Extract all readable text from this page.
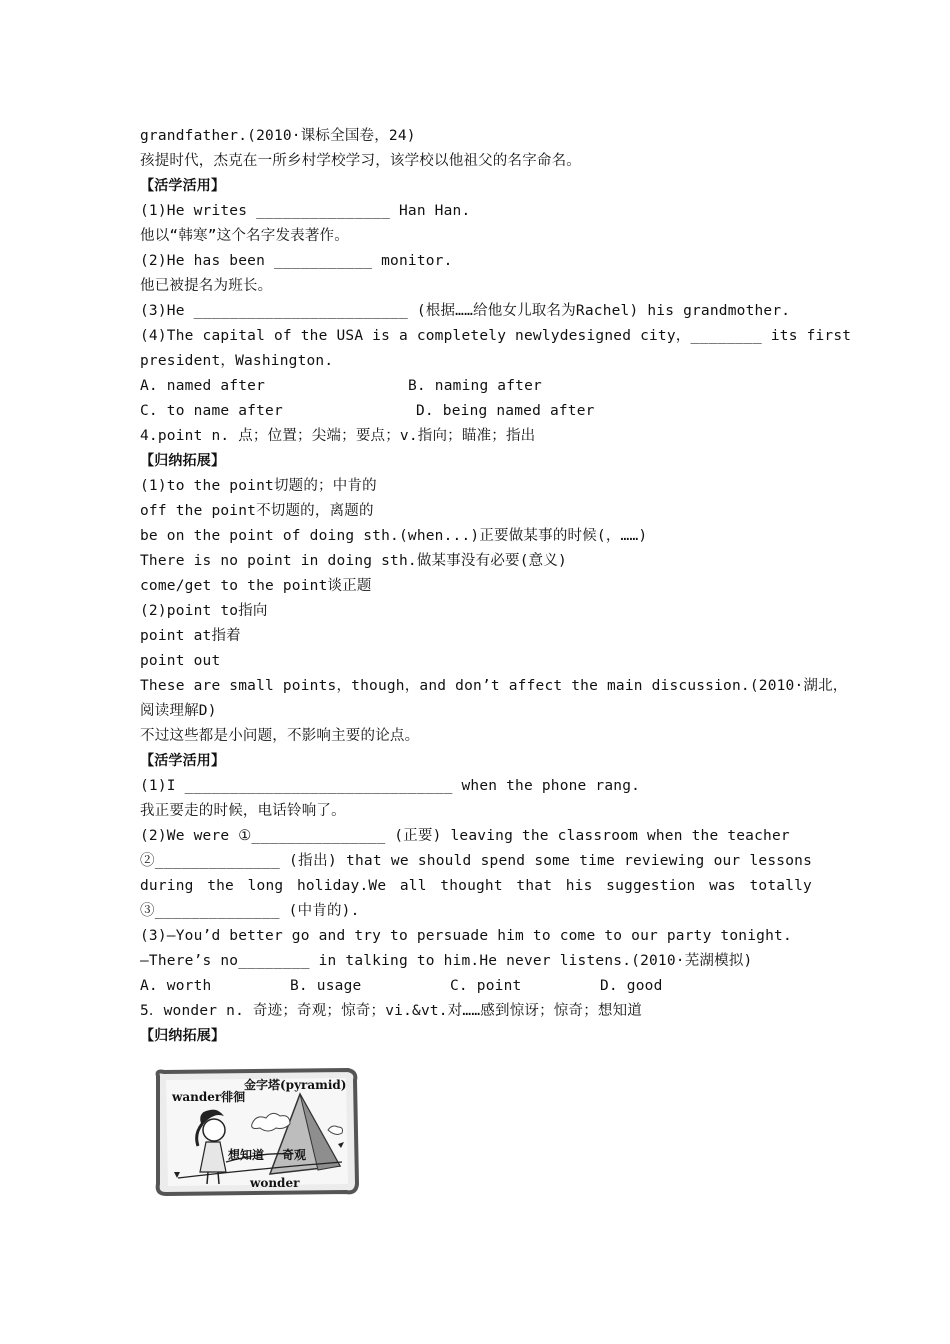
grandfather.(2010·课标全国卷，24)
孩提时代，杰克在一所乡村学校学习，该学校以他祖父的名字命名。
【活学活用】
(1)He writes _______________ Han Han.
他以“韩寒”这个名字发表著作。
(2)He has been ___________ monitor.
他已被提名为班长。
(3)He ________________________ (根据……给他女儿取名为Rachel) his grandmother.
(4)The capital of the USA is a completely newlydesigned city，________ its first
president，Washington.
A. named after	B. naming after
C. to name after	D. being named after
4.point n. 点；位置；尖端；要点；v.指向；瞄准；指出
【归纳拓展】
(1)to the point切题的；中肯的
off the point不切题的，离题的
be on the point of doing sth.(when...)正要做某事的时候(，……)
There is no point in doing sth.做某事没有必要(意义)
come/get to the point谈正题
(2)point to指向
point at指着
point out
These are small points，though，and don’t affect the main discussion.(2010·湖北，
阅读理解D)
不过这些都是小问题，不影响主要的论点。
【活学活用】
(1)I ______________________________ when the phone rang.
我正要走的时候，电话铃响了。
(2)We were ①_______________ (正要) leaving the classroom when the teacher
②______________ (指出) that we should spend some time reviewing our lessons
during the long holiday.We all thought that his suggestion was totally
③______________ (中肯的).
(3)—You’d better go and try to persuade him to come to our party tonight.
—There’s no________ in talking to him.He never listens.(2010·芜湖模拟)
A. worth	B. usage	C. point	D. good
5．wonder n. 奇迹；奇观；惊奇；vi.&vt.对……感到惊讶；惊奇；想知道
【归纳拓展】
wander徘徊
金字塔(pyramid)
想知道 奇观
wonder
